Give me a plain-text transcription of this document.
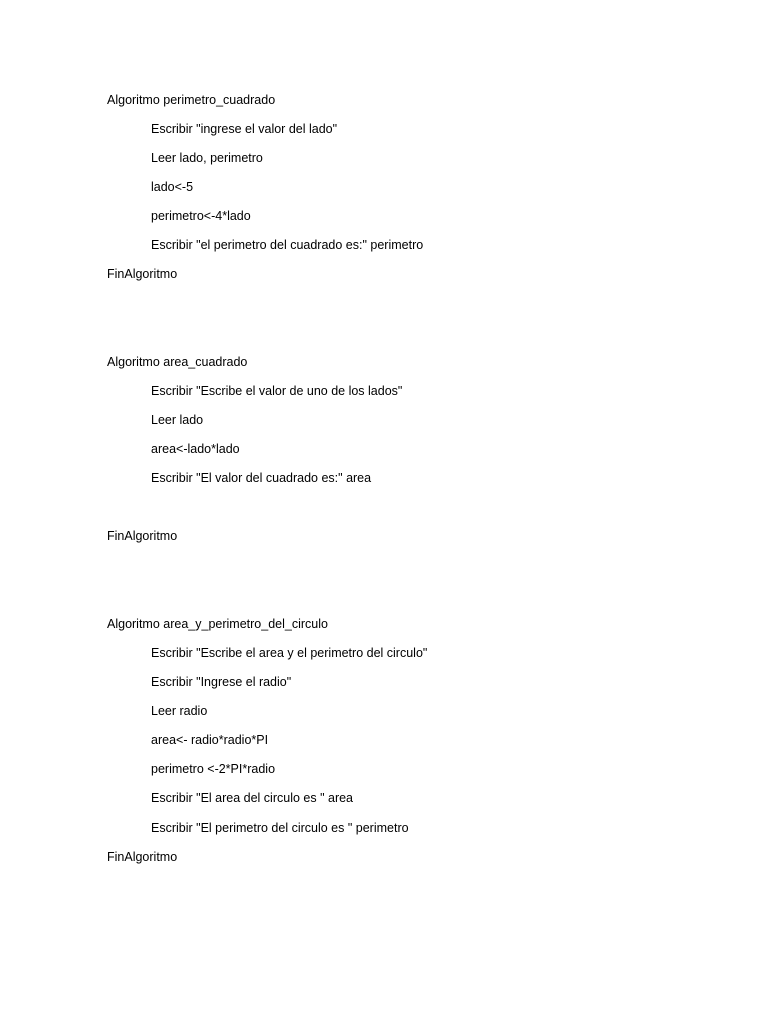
Algoritmo perimetro_cuadrado
Escribir "ingrese el valor del lado"
Leer lado, perimetro
lado<-5
perimetro<-4*lado
Escribir "el perimetro del cuadrado es:" perimetro
FinAlgoritmo
Algoritmo area_cuadrado
Escribir "Escribe el valor de uno de los lados"
Leer lado
area<-lado*lado
Escribir "El valor del cuadrado es:" area
FinAlgoritmo
Algoritmo area_y_perimetro_del_circulo
Escribir "Escribe el area y el perimetro del circulo"
Escribir "Ingrese el radio"
Leer radio
area<- radio*radio*PI
perimetro <-2*PI*radio
Escribir "El area del circulo es " area
Escribir "El perimetro del circulo es " perimetro
FinAlgoritmo
